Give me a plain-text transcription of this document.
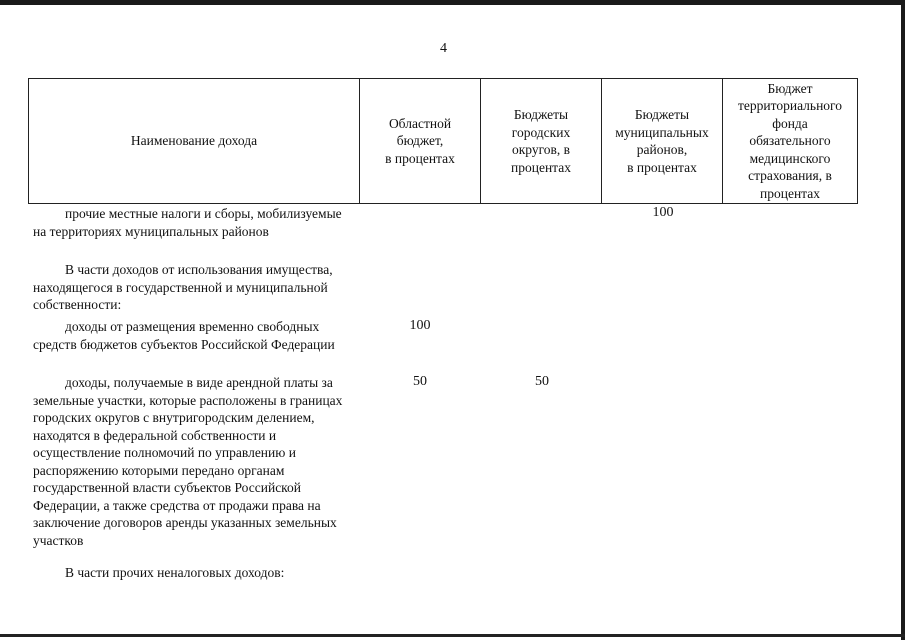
4
Наименование дохода
Областной
бюджет,
в процентах
Бюджеты
городских
округов, в
процентах
Бюджеты
муниципальных
районов,
в процентах
Бюджет
территориального
фонда
обязательного
медицинского
страхования, в
процентах
прочие местные налоги и сборы, мобилизуемые на территориях муниципальных районов
100
В части доходов от использования имущества, находящегося в государственной и муниципальной собственности:
доходы от размещения временно свободных средств бюджетов субъектов Российской Федерации
100
доходы, получаемые в виде арендной платы за земельные участки, которые расположены в границах городских округов с внутригородским делением, находятся в федеральной собственности и осуществление полномочий по управлению и распоряжению которыми передано органам государственной власти субъектов Российской Федерации, а также средства от продажи права на заключение договоров аренды указанных земельных участков
50	50
В части прочих неналоговых доходов:
